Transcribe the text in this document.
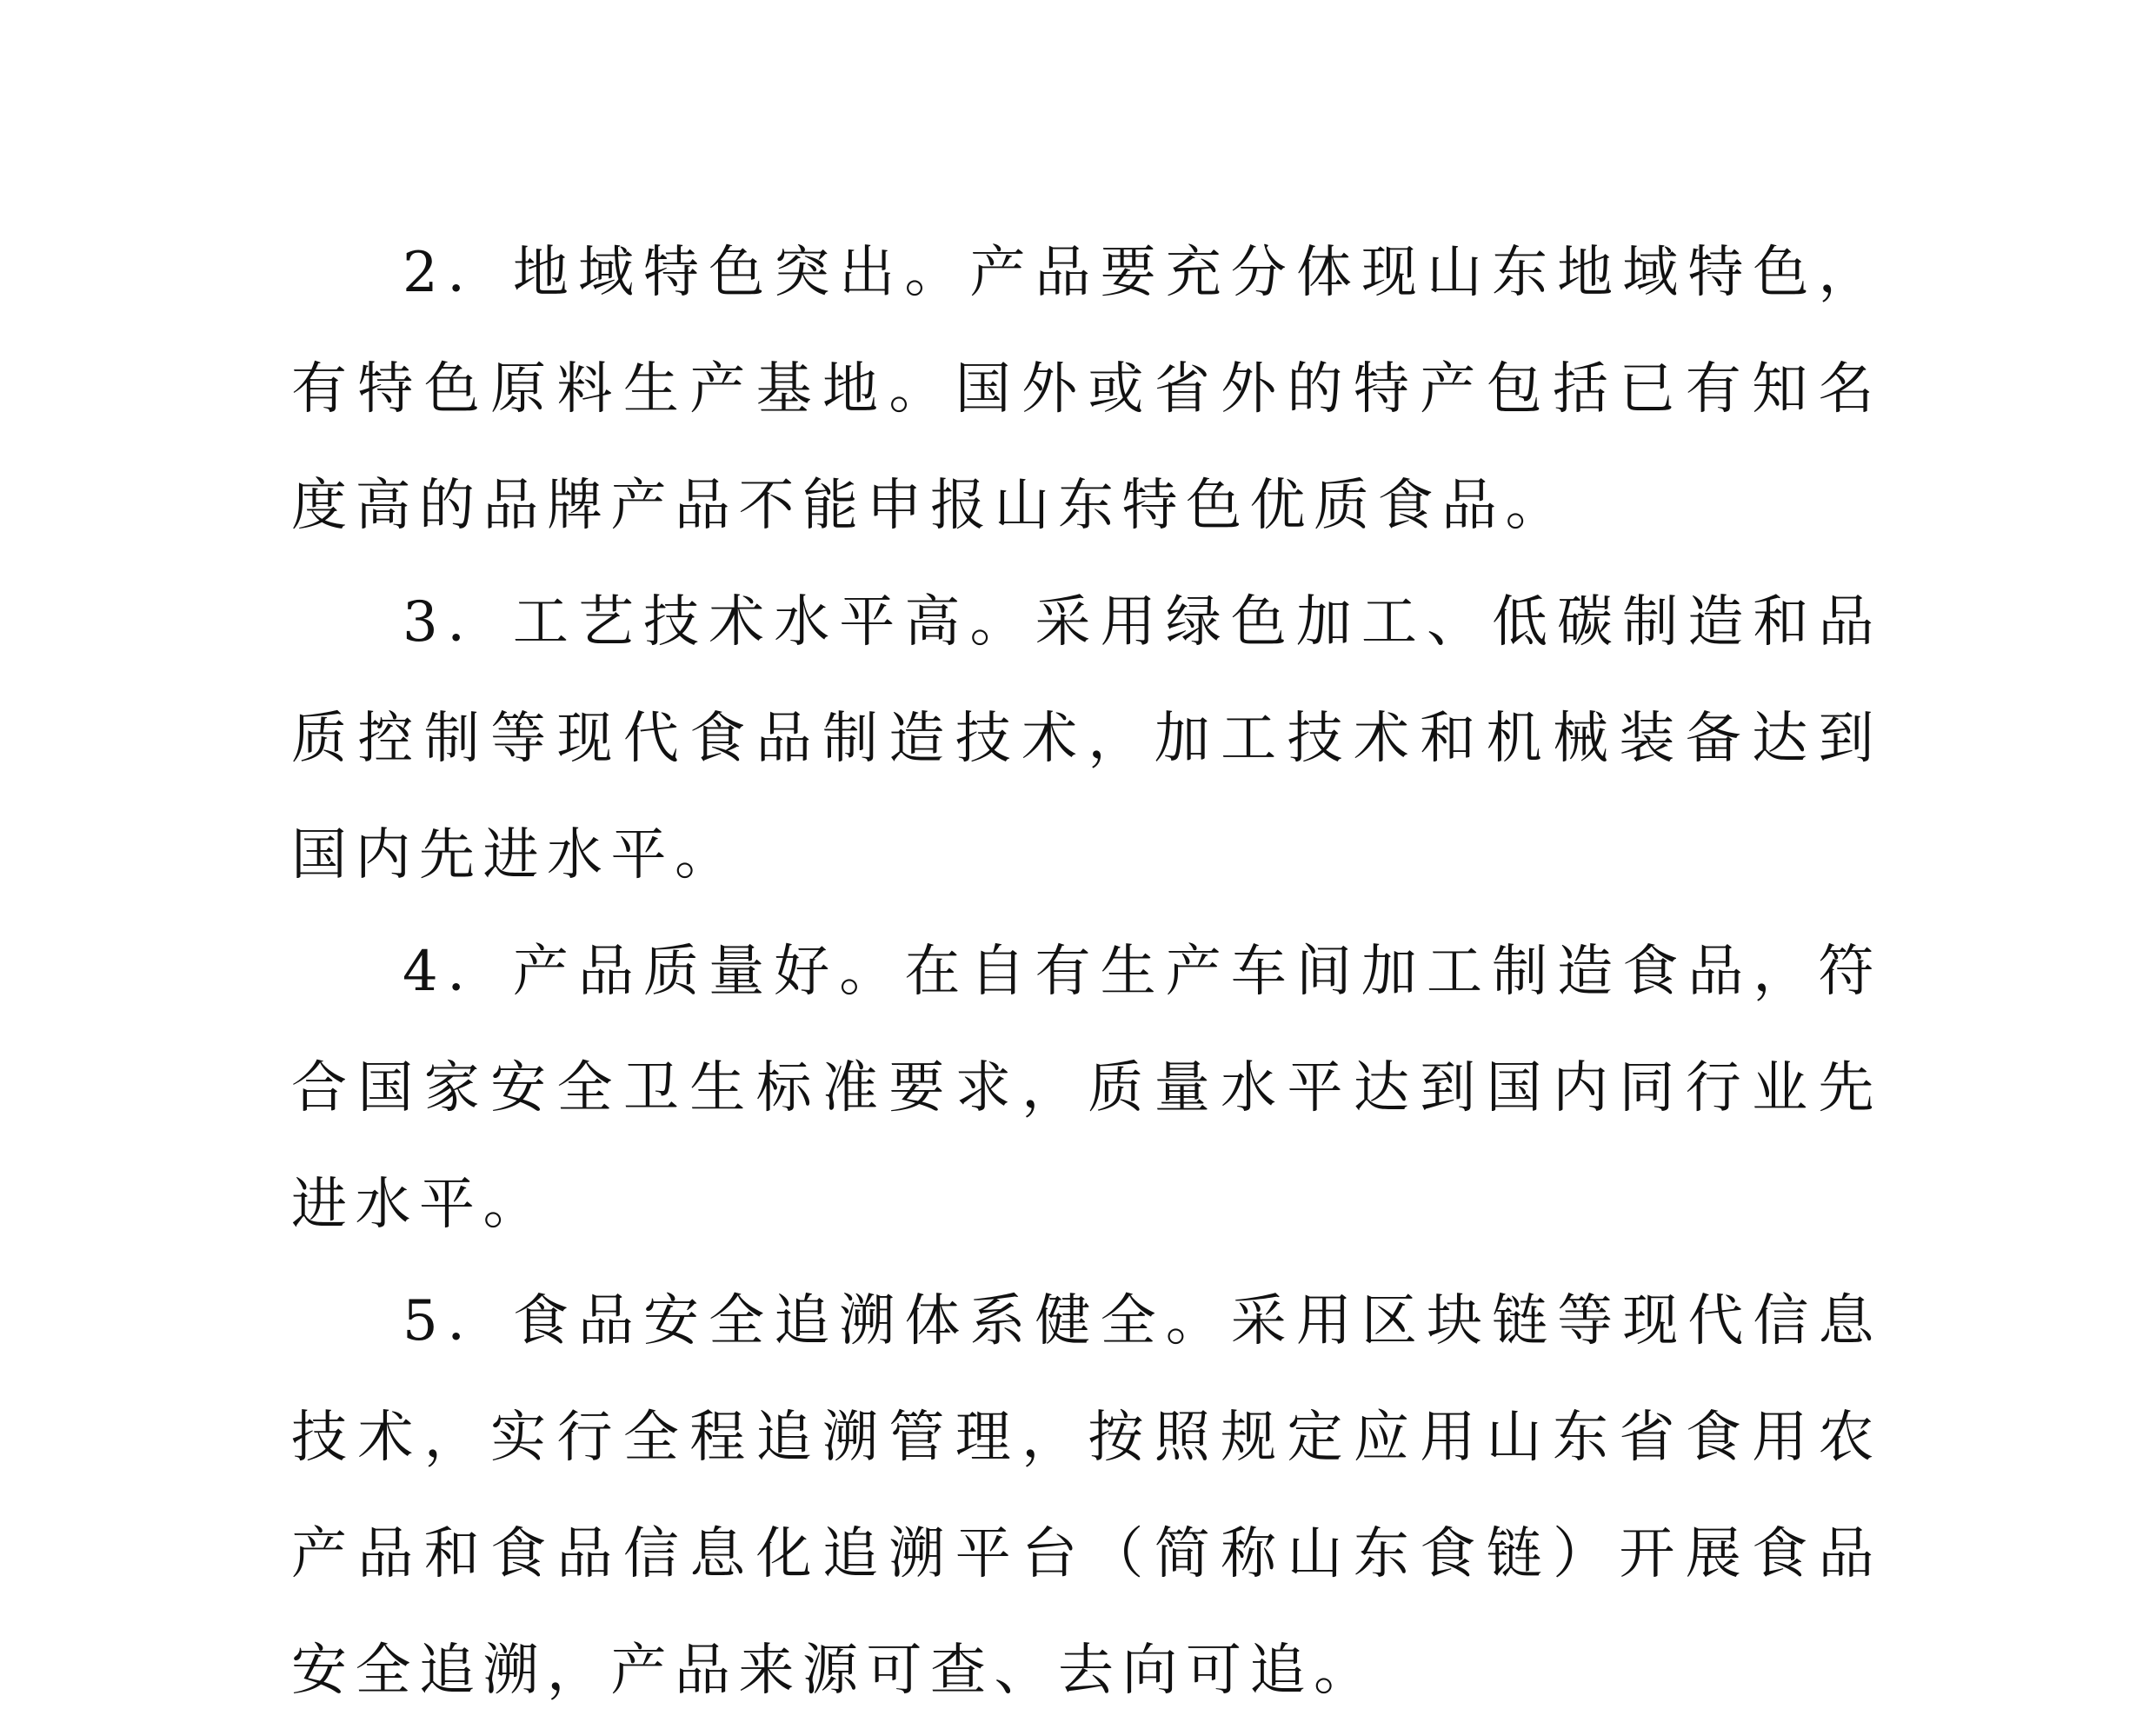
2．地域特色突出。产品要充分体现山东地域特色，有特色原料生产基地。国外或省外的特产包括已有知名度高的品牌产品不能申报山东特色优质食品。

3．工艺技术水平高。采用绿色加工、低碳制造和品质控制等现代食品制造技术，加工技术和机械装备达到国内先进水平。

4．产品质量好。在自有生产车间加工制造食品，符合国家安全卫生标准要求，质量水平达到国内同行业先进水平。

5．食品安全追溯体系健全。采用区块链等现代信息技术，实行全程追溯管理，按照规定应用山东省食用农产品和食品信息化追溯平台（简称山东食链）开展食品安全追溯，产品来源可查、去向可追。
